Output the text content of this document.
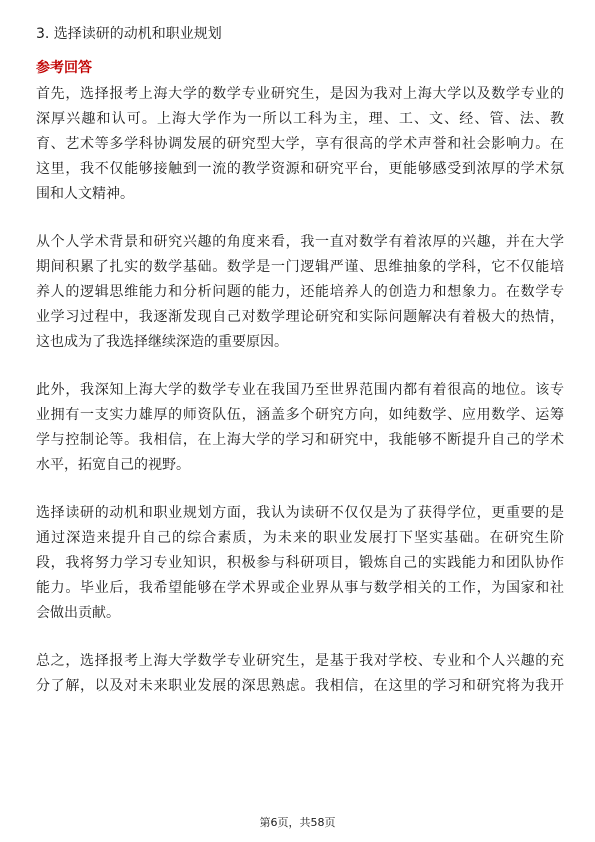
3. 选择读研的动机和职业规划
参考回答

首先，选择报考上海大学的数学专业研究生，是因为我对上海大学以及数学专业的
深厚兴趣和认可。上海大学作为一所以工科为主，理、工、文、经、管、法、教
育、艺术等多学科协调发展的研究型大学，享有很高的学术声誉和社会影响力。在
这里，我不仅能够接触到一流的教学资源和研究平台，更能够感受到浓厚的学术氛
围和人文精神。

从个人学术背景和研究兴趣的角度来看，我一直对数学有着浓厚的兴趣，并在大学
期间积累了扎实的数学基础。数学是一门逻辑严谨、思维抽象的学科，它不仅能培
养人的逻辑思维能力和分析问题的能力，还能培养人的创造力和想象力。在数学专
业学习过程中，我逐渐发现自己对数学理论研究和实际问题解决有着极大的热情，
这也成为了我选择继续深造的重要原因。

此外，我深知上海大学的数学专业在我国乃至世界范围内都有着很高的地位。该专
业拥有一支实力雄厚的师资队伍，涵盖多个研究方向，如纯数学、应用数学、运筹
学与控制论等。我相信，在上海大学的学习和研究中，我能够不断提升自己的学术
水平，拓宽自己的视野。

选择读研的动机和职业规划方面，我认为读研不仅仅是为了获得学位，更重要的是
通过深造来提升自己的综合素质，为未来的职业发展打下坚实基础。在研究生阶
段，我将努力学习专业知识，积极参与科研项目，锻炼自己的实践能力和团队协作
能力。毕业后，我希望能够在学术界或企业界从事与数学相关的工作，为国家和社
会做出贡献。

总之，选择报考上海大学数学专业研究生，是基于我对学校、专业和个人兴趣的充
分了解，以及对未来职业发展的深思熟虑。我相信，在这里的学习和研究将为我开

第6页，共58页
